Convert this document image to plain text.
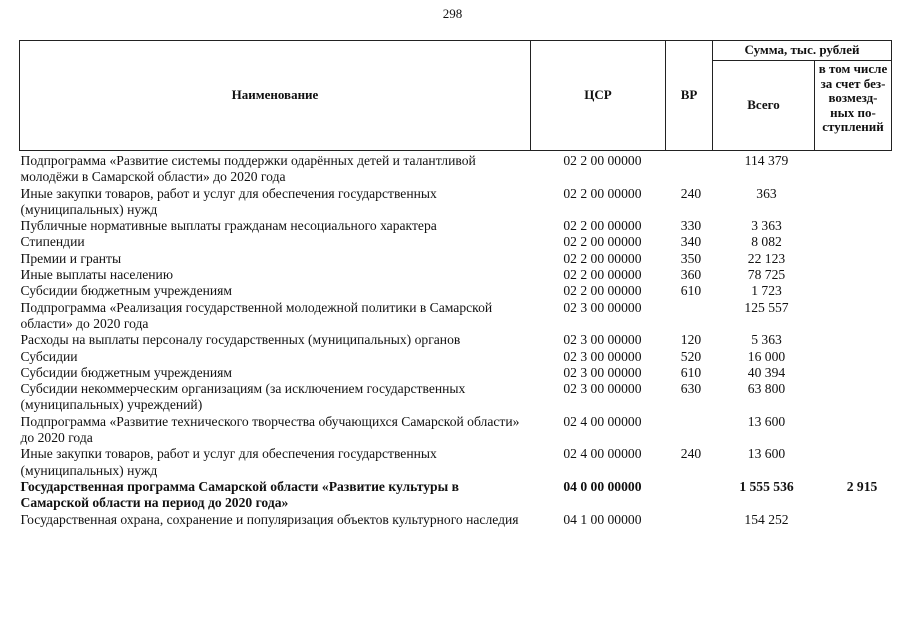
298
Наименование	ЦСР	ВР	Сумма, тыс. рублей	
			Всего	в том числе за счет без-возмезд-ных по-ступлений
Подпрограмма «Развитие системы поддержки одарённых детей и талантливой молодёжи в Самарской области» до 2020 года	02 2 00 00000		114 379	
Иные закупки товаров, работ и услуг для обеспечения государственных (муниципальных) нужд	02 2 00 00000	240	363	
Публичные нормативные выплаты гражданам несоциального характера	02 2 00 00000	330	3 363	
Стипендии	02 2 00 00000	340	8 082	
Премии и гранты	02 2 00 00000	350	22 123	
Иные выплаты населению	02 2 00 00000	360	78 725	
Субсидии бюджетным учреждениям	02 2 00 00000	610	1 723	
Подпрограмма «Реализация государственной молодежной политики в Самарской области» до 2020 года	02 3 00 00000		125 557	
Расходы на выплаты персоналу государственных (муниципальных) органов	02 3 00 00000	120	5 363	
Субсидии	02 3 00 00000	520	16 000	
Субсидии бюджетным учреждениям	02 3 00 00000	610	40 394	
Субсидии некоммерческим организациям (за исключением государственных (муниципальных) учреждений)	02 3 00 00000	630	63 800	
Подпрограмма «Развитие технического творчества обучающихся Самарской области» до 2020 года	02 4 00 00000		13 600	
Иные закупки товаров, работ и услуг для обеспечения государственных (муниципальных) нужд	02 4 00 00000	240	13 600	
Государственная программа Самарской области «Развитие культуры в Самарской области на период до 2020 года»	04 0 00 00000		1 555 536	2 915
Государственная охрана, сохранение и популяризация объектов культурного наследия	04 1 00 00000		154 252	
